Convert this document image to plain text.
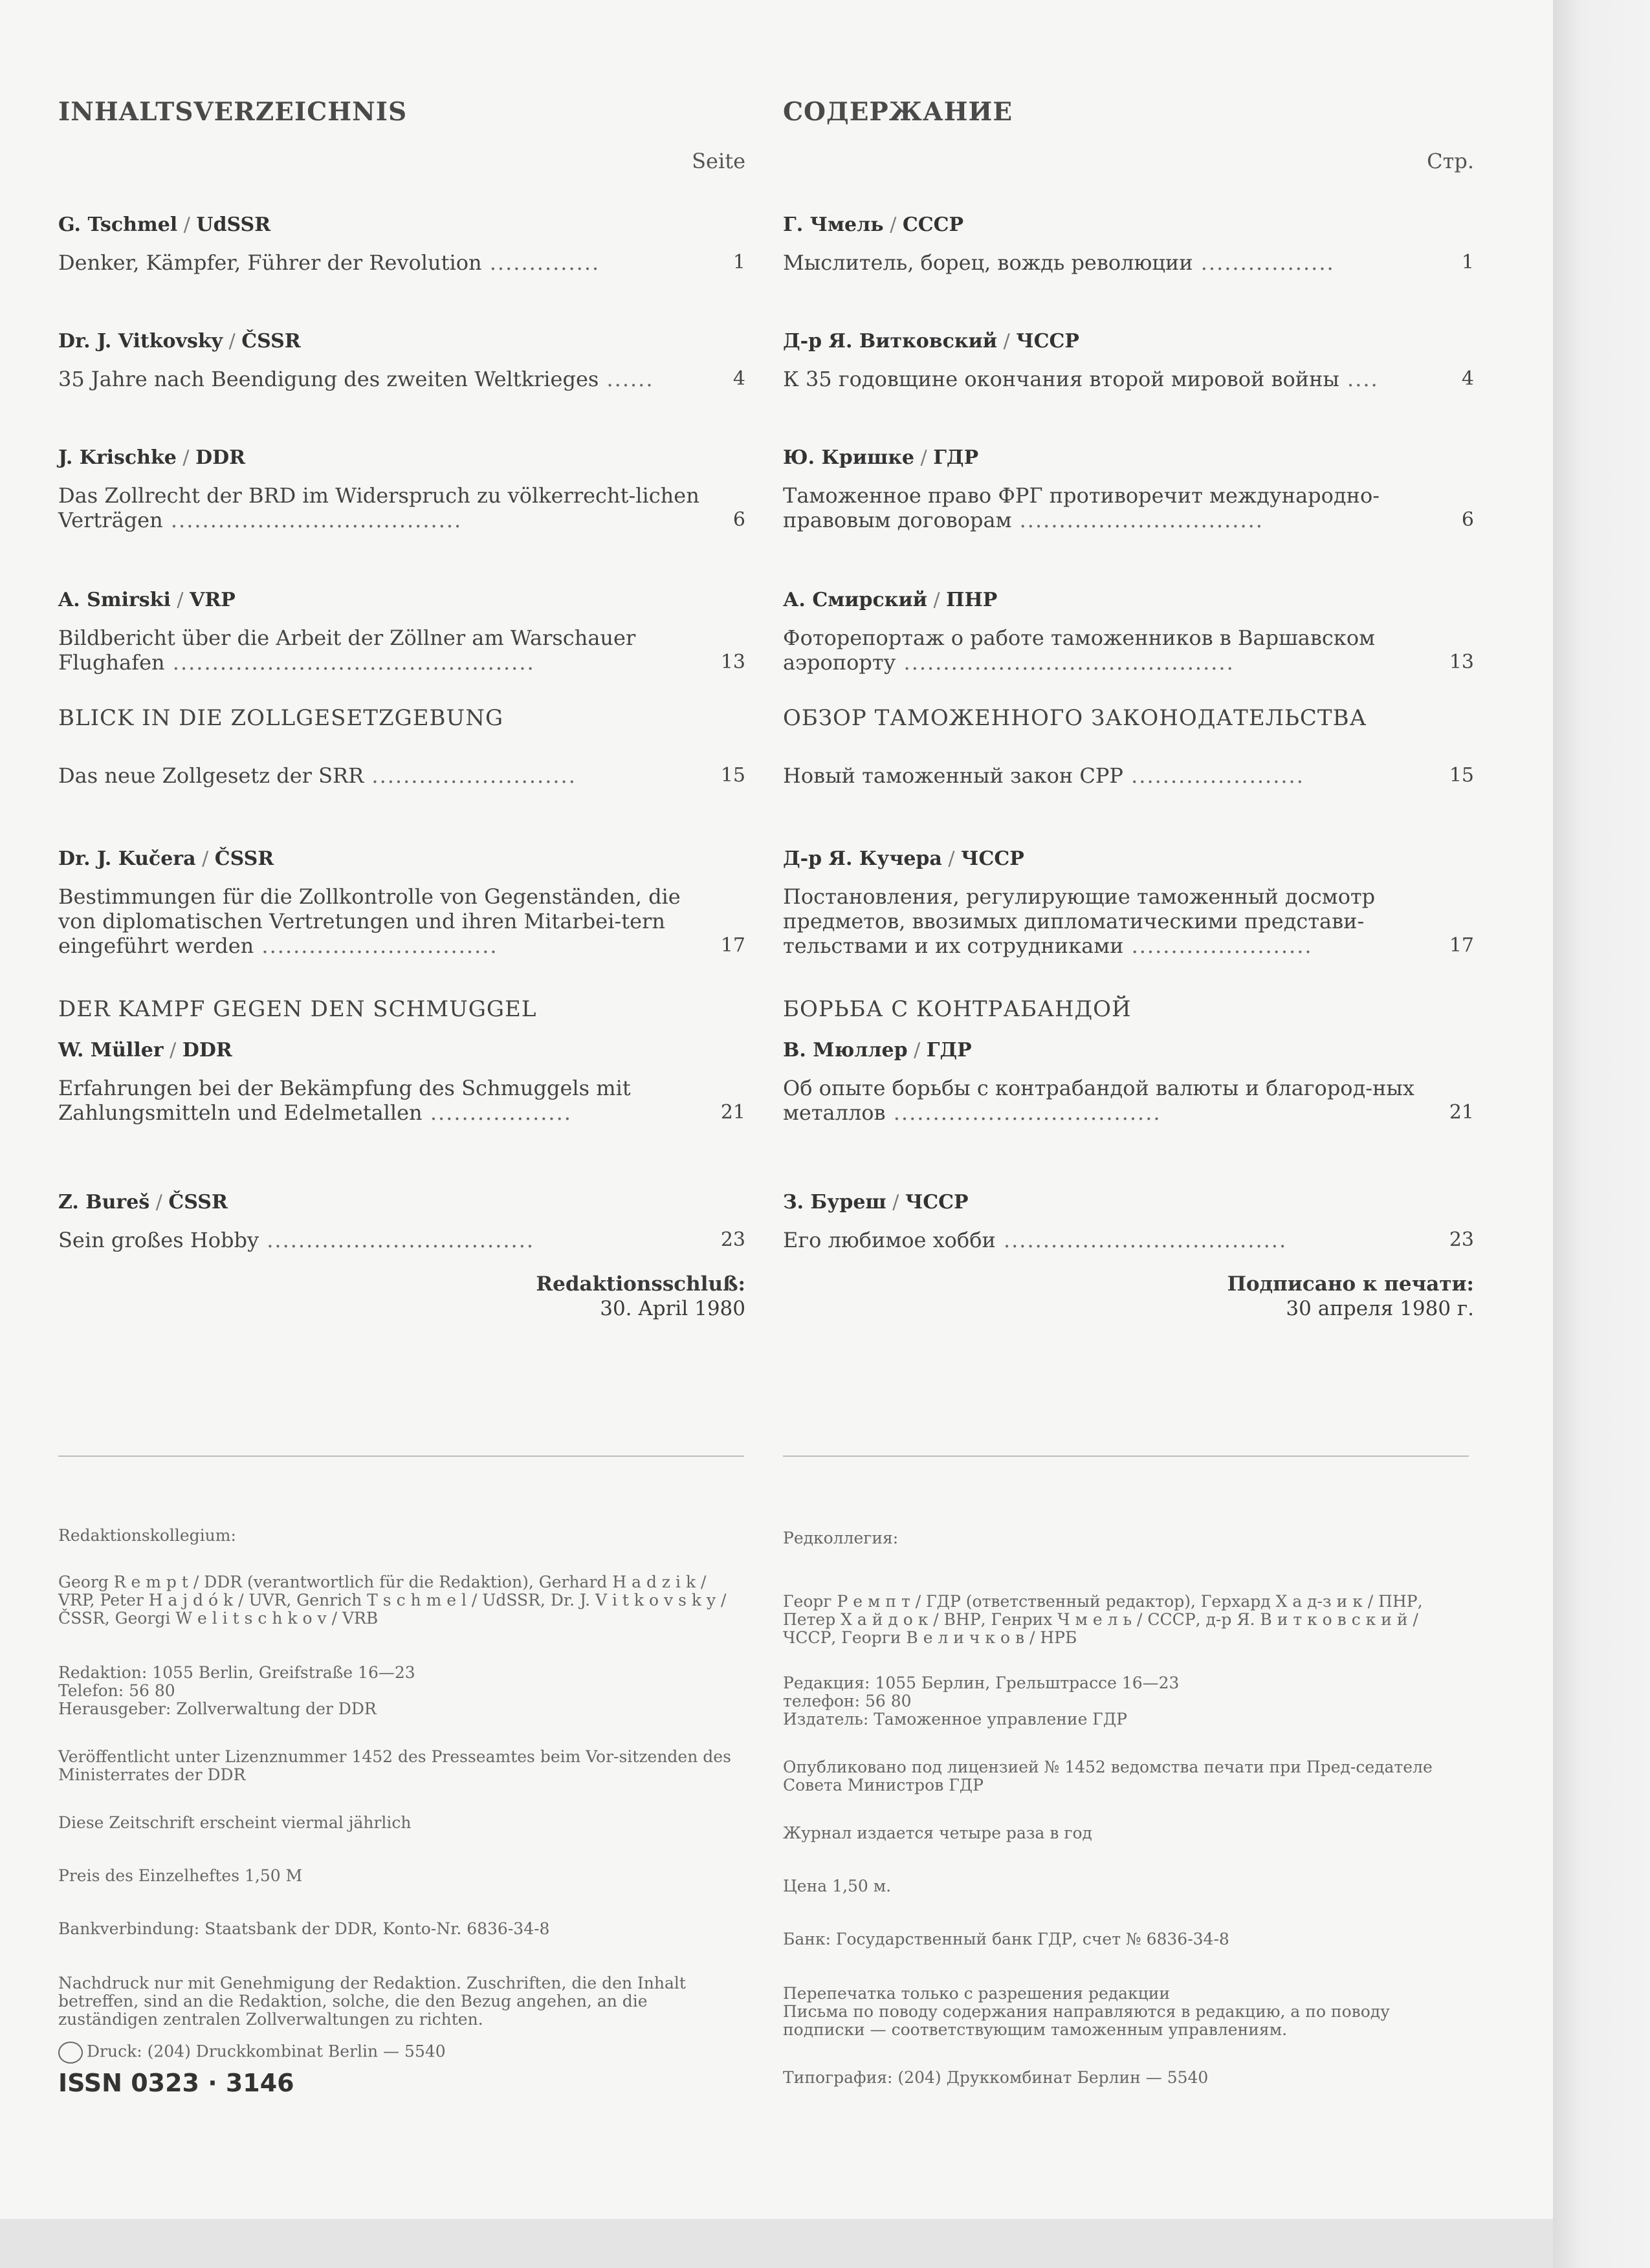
INHALTSVERZEICHNIS
Seite
G. Tschmel / UdSSR
Denker, Kämpfer, Führer der Revolution ..............	1
Dr. J. Vitkovsky / ČSSR
35 Jahre nach Beendigung des zweiten Weltkrieges ......	4
J. Krischke / DDR
Das Zollrecht der BRD im Widerspruch zu völkerrecht-lichen Verträgen .....................................	6
A. Smirski / VRP
Bildbericht über die Arbeit der Zöllner am Warschauer Flughafen ..............................................	13
BLICK IN DIE ZOLLGESETZGEBUNG
Das neue Zollgesetz der SRR ..........................	15
Dr. J. Kučera / ČSSR
Bestimmungen für die Zollkontrolle von Gegenständen, die von diplomatischen Vertretungen und ihren Mitarbei-tern eingeführt werden ..............................	17
DER KAMPF GEGEN DEN SCHMUGGEL
W. Müller / DDR
Erfahrungen bei der Bekämpfung des Schmuggels mit Zahlungsmitteln und Edelmetallen ..................	21
Z. Bureš / ČSSR
Sein großes Hobby ..................................	23
Redaktionsschluß:
30. April 1980
СОДЕРЖАНИЕ
Стр.
Г. Чмель / СССР
Мыслитель, борец, вождь революции .................	1
Д-р Я. Витковский / ЧССР
К 35 годовщине окончания второй мировой войны ....	4
Ю. Кришке / ГДР
Таможенное право ФРГ противоречит международно-правовым договорам ...............................	6
А. Смирский / ПНР
Фоторепортаж о работе таможенников в Варшавском аэропорту ..........................................	13
ОБЗОР ТАМОЖЕННОГО ЗАКОНОДАТЕЛЬСТВА
Новый таможенный закон СРР ......................	15
Д-р Я. Кучера / ЧССР
Постановления, регулирующие таможенный досмотр предметов, ввозимых дипломатическими представи-тельствами и их сотрудниками .......................	17
БОРЬБА С КОНТРАБАНДОЙ
В. Мюллер / ГДР
Об опыте борьбы с контрабандой валюты и благород-ных металлов ..................................	21
З. Буреш / ЧССР
Его любимое хобби ....................................	23
Подписано к печати:
30 апреля 1980 г.
Redaktionskollegium:
Georg R e m p t / DDR (verantwortlich für die Redaktion), Gerhard H a d z i k / VRP, Peter H a j d ó k / UVR, Genrich T s c h m e l / UdSSR, Dr. J. V i t k o v s k y / ČSSR, Georgi W e l i t s c h k o v / VRB
Redaktion: 1055 Berlin, Greifstraße 16—23
Telefon: 56 80
Herausgeber: Zollverwaltung der DDR
Veröffentlicht unter Lizenznummer 1452 des Presseamtes beim Vor-sitzenden des Ministerrates der DDR
Diese Zeitschrift erscheint viermal jährlich
Preis des Einzelheftes 1,50 M
Bankverbindung: Staatsbank der DDR, Konto-Nr. 6836-34-8
Nachdruck nur mit Genehmigung der Redaktion. Zuschriften, die den Inhalt betreffen, sind an die Redaktion, solche, die den Bezug angehen, an die zuständigen zentralen Zollverwaltungen zu richten.
Druck: (204) Druckkombinat Berlin — 5540
ISSN 0323 · 3146
Редколлегия:
Георг Р е м п т / ГДР (ответственный редактор), Герхард Х а д-з и к / ПНР, Петер Х а й д о к / ВНР, Генрих Ч м е л ь / СССР, д-р Я. В и т к о в с к и й / ЧССР, Георги В е л и ч к о в / НРБ
Редакция: 1055 Берлин, Грельштрассе 16—23
телефон: 56 80
Издатель: Таможенное управление ГДР
Опубликовано под лицензией № 1452 ведомства печати при Пред-седателе Совета Министров ГДР
Журнал издается четыре раза в год
Цена 1,50 м.
Банк: Государственный банк ГДР, счет № 6836-34-8
Перепечатка только с разрешения редакции
Письма по поводу содержания направляются в редакцию, а по поводу подписки — соответствующим таможенным управлениям.
Типография: (204) Друккомбинат Берлин — 5540
